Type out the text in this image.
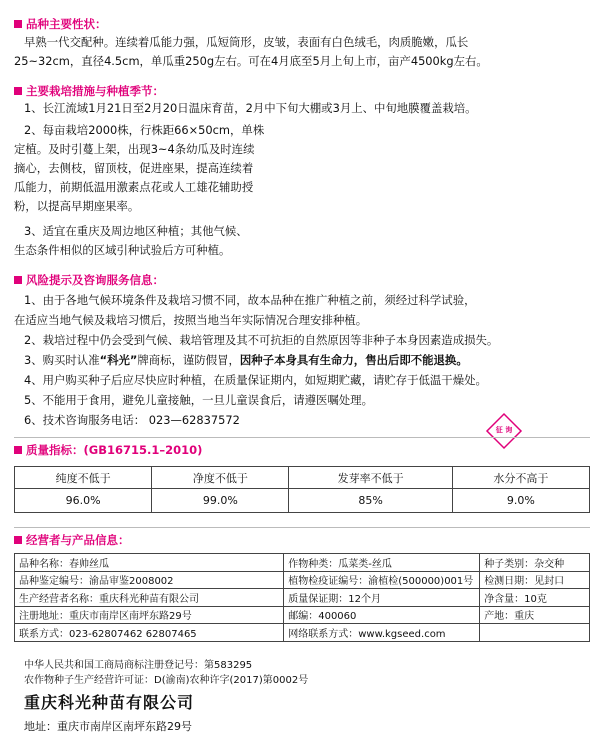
品种主要性状：
早熟一代交配种。连续着瓜能力强，瓜短筒形，皮皱，表面有白色绒毛，肉质脆嫩，瓜长
25~32cm，直径4.5cm，单瓜重250g左右。可在4月底至5月上旬上市，亩产4500kg左右。
主要栽培措施与种植季节：
1、长江流域1月21日至2月20日温床育苗，2月中下旬大棚或3月上、中旬地膜覆盖栽培。
2、每亩栽培2000株，行株距66×50cm，单株
定植。及时引蔓上架，出现3~4条幼瓜及时连续
摘心，去侧枝，留顶枝，促进座果，提高连续着
瓜能力，前期低温用激素点花或人工雄花辅助授
粉，以提高早期座果率。
3、适宜在重庆及周边地区种植；其他气候、
生态条件相似的区域引种试验后方可种植。
风险提示及咨询服务信息：
1、由于各地气候环境条件及栽培习惯不同，故本品种在推广种植之前，须经过科学试验，
在适应当地气候及栽培习惯后，按照当地当年实际情况合理安排种植。
2、栽培过程中仍会受到气候、栽培管理及其不可抗拒的自然原因等非种子本身因素造成损失。
3、购买时认准“科光”牌商标，谨防假冒，因种子本身具有生命力，售出后即不能退换。
4、用户购买种子后应尽快应时种植，在质量保证期内，如短期贮藏，请贮存于低温干燥处。
5、不能用于食用，避免儿童接触，一旦儿童误食后，请遵医嘱处理。
6、技术咨询服务电话： 023—62837572
征 询
质量指标：(GB16715.1–2010)
纯度不低于	净度不低于	发芽率不低于	水分不高于
96.0%	99.0%	85%	9.0%
经营者与产品信息：
品种名称：春帅丝瓜	作物种类：瓜菜类-丝瓜	种子类别：杂交种
品种鉴定编号：渝品审鉴2008002	植物检疫证编号：渝植检(500000)001号	检测日期：见封口
生产经营者名称：重庆科光种苗有限公司	质量保证期：12个月	净含量：10克
注册地址：重庆市南岸区南坪东路29号	邮编：400060	产地：重庆
联系方式：023-62807462 62807465	网络联系方式：www.kgseed.com	
中华人民共和国工商局商标注册登记号：第583295
农作物种子生产经营许可证：D(渝南)农种许字(2017)第0002号
重庆科光种苗有限公司
地址：重庆市南岸区南坪东路29号
